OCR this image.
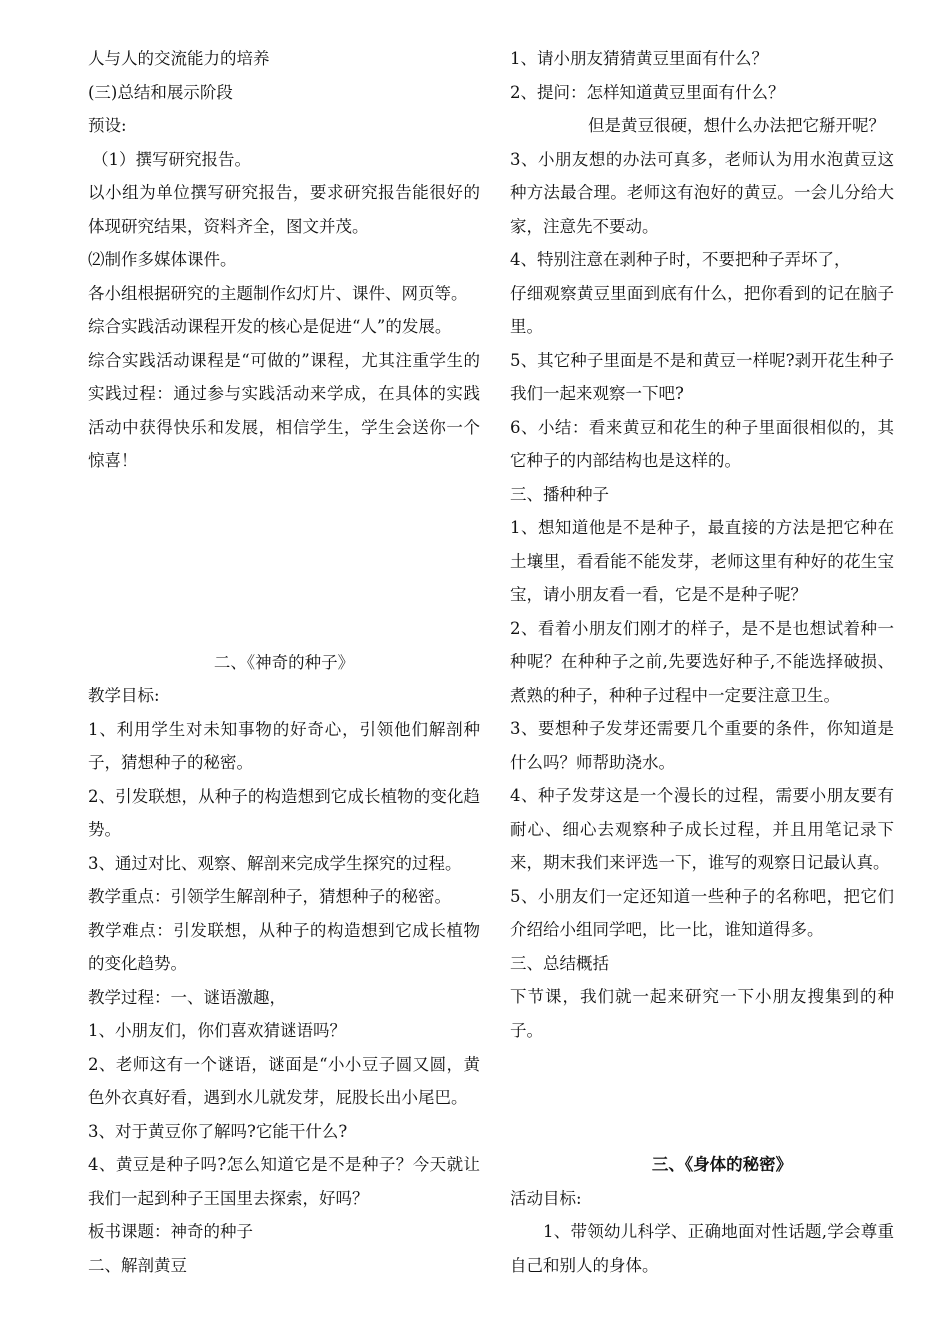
人与人的交流能力的培养

(三)总结和展示阶段

预设:

（1）撰写研究报告。

以小组为单位撰写研究报告，要求研究报告能很好的体现研究结果，资料齐全，图文并茂。

⑵制作多媒体课件。

各小组根据研究的主题制作幻灯片、课件、网页等。

综合实践活动课程开发的核心是促进“人”的发展。

综合实践活动课程是“可做的”课程，尤其注重学生的实践过程：通过参与实践活动来学成，在具体的实践活动中获得快乐和发展，相信学生，学生会送你一个惊喜！

二、《神奇的种子》

教学目标:

1、利用学生对未知事物的好奇心，引领他们解剖种子，猜想种子的秘密。

2、引发联想，从种子的构造想到它成长植物的变化趋势。

3、通过对比、观察、解剖来完成学生探究的过程。

教学重点：引领学生解剖种子，猜想种子的秘密。

教学难点：引发联想，从种子的构造想到它成长植物的变化趋势。

教学过程：一、谜语激趣，

1、小朋友们，你们喜欢猜谜语吗？

2、老师这有一个谜语，谜面是“小小豆子圆又圆，黄色外衣真好看，遇到水儿就发芽，屁股长出小尾巴。

3、对于黄豆你了解吗?它能干什么?

4、黄豆是种子吗?怎么知道它是不是种子？今天就让我们一起到种子王国里去探索，好吗？

板书课题：神奇的种子

二、解剖黄豆

1、请小朋友猜猜黄豆里面有什么？

2、提问：怎样知道黄豆里面有什么？

但是黄豆很硬，想什么办法把它掰开呢？

3、小朋友想的办法可真多，老师认为用水泡黄豆这种方法最合理。老师这有泡好的黄豆。一会儿分给大家，注意先不要动。

4、特别注意在剥种子时，不要把种子弄坏了，

仔细观察黄豆里面到底有什么，把你看到的记在脑子里。

5、其它种子里面是不是和黄豆一样呢?剥开花生种子我们一起来观察一下吧?

6、小结：看来黄豆和花生的种子里面很相似的，其它种子的内部结构也是这样的。

三、播种种子

1、想知道他是不是种子，最直接的方法是把它种在土壤里，看看能不能发芽，老师这里有种好的花生宝宝，请小朋友看一看，它是不是种子呢？

2、看着小朋友们刚才的样子，是不是也想试着种一种呢？在种种子之前,先要选好种子,不能选择破损、煮熟的种子，种种子过程中一定要注意卫生。

3、要想种子发芽还需要几个重要的条件，你知道是什么吗？师帮助浇水。

4、种子发芽这是一个漫长的过程，需要小朋友要有耐心、细心去观察种子成长过程，并且用笔记录下来，期末我们来评选一下，谁写的观察日记最认真。

5、小朋友们一定还知道一些种子的名称吧，把它们介绍给小组同学吧，比一比，谁知道得多。

三、总结概括

下节课，我们就一起来研究一下小朋友搜集到的种子。

三、《身体的秘密》

活动目标:

1、带领幼儿科学、正确地面对性话题,学会尊重自己和别人的身体。
